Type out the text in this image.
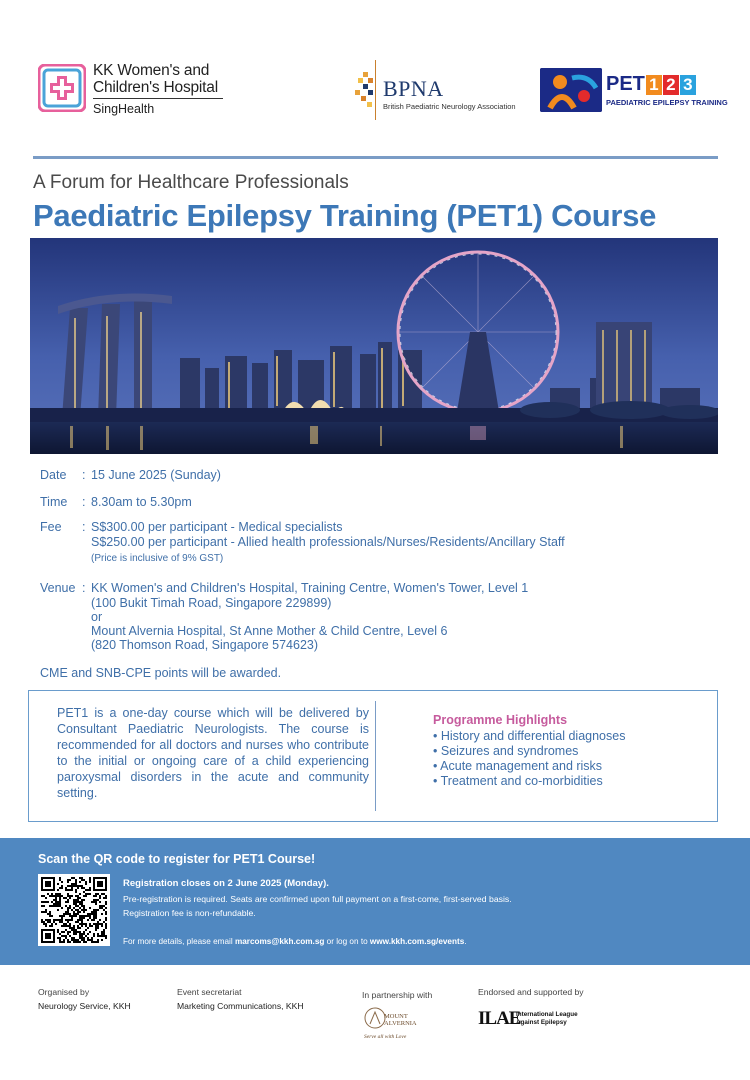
KK Women's and
Children's Hospital
SingHealth
BPNA
British Paediatric Neurology Association
PET 1 2 3
PAEDIATRIC EPILEPSY TRAINING
A Forum for Healthcare Professionals
Paediatric Epilepsy Training (PET1) Course
Date	: 15 June 2025 (Sunday)
Time	: 8.30am to 5.30pm
Fee	: S$300.00 per participant - Medical specialists
S$250.00 per participant - Allied health professionals/Nurses/Residents/Ancillary Staff
(Price is inclusive of 9% GST)
Venue : KK Women's and Children's Hospital, Training Centre, Women's Tower, Level 1
(100 Bukit Timah Road, Singapore 229899)
or
Mount Alvernia Hospital, St Anne Mother & Child Centre, Level 6
(820 Thomson Road, Singapore 574623)
CME and SNB-CPE points will be awarded.
PET1 is a one-day course which will be delivered by Consultant Paediatric Neurologists. The course is recommended for all doctors and nurses who contribute to the initial or ongoing care of a child experiencing paroxysmal disorders in the acute and community setting.
Programme Highlights
• History and differential diagnoses
• Seizures and syndromes
• Acute management and risks
• Treatment and co-morbidities
Scan the QR code to register for PET1 Course!
Registration closes on 2 June 2025 (Monday).
Pre-registration is required. Seats are confirmed upon full payment on a first-come, first-served basis.
Registration fee is non-refundable.
For more details, please email marcoms@kkh.com.sg or log on to www.kkh.com.sg/events.
Organised by
Neurology Service, KKH
Event secretariat
Marketing Communications, KKH
In partnership with
MOUNT ALVERNIA
Serve all with Love
Endorsed and supported by
ILAE
International League
Against Epilepsy
